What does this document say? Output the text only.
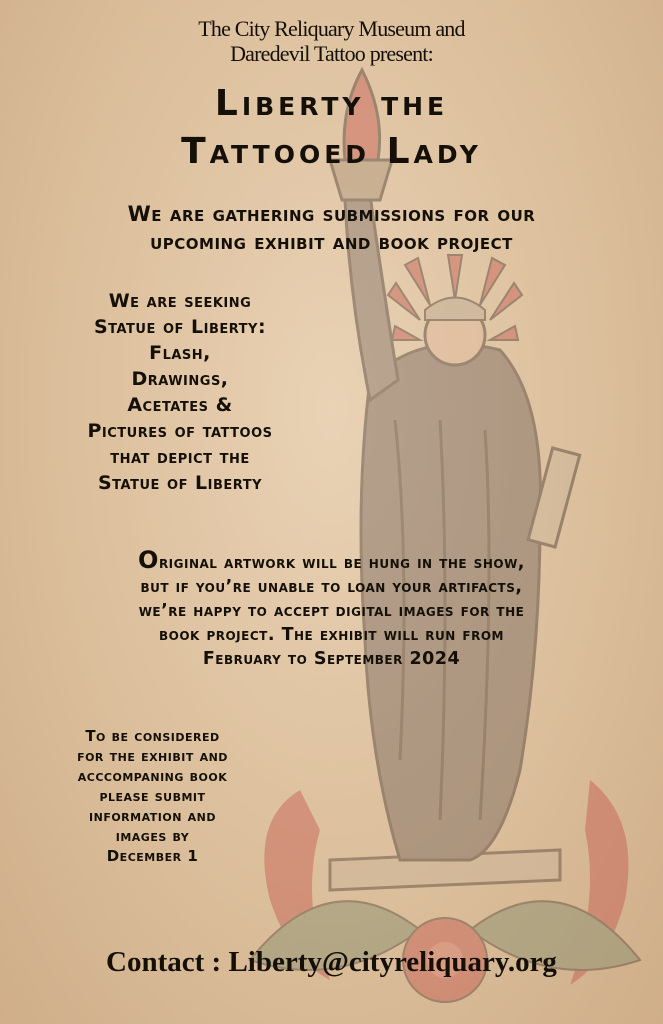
The City Reliquary Museum and
Daredevil Tattoo present:
Liberty the
Tattooed Lady
We are gathering submissions for our
upcoming exhibit and book project
We are seeking
Statue of Liberty:
Flash,
Drawings,
Acetates &
Pictures of tattoos
that depict the
Statue of Liberty
Original artwork will be hung in the show,
but if you’re unable to loan your artifacts,
we’re happy to accept digital images for the
book project. The exhibit will run from
February to September 2024
To be considered
for the exhibit and
acccompaning book
please submit
information and
images by
December 1
Contact : Liberty@cityreliquary.org
